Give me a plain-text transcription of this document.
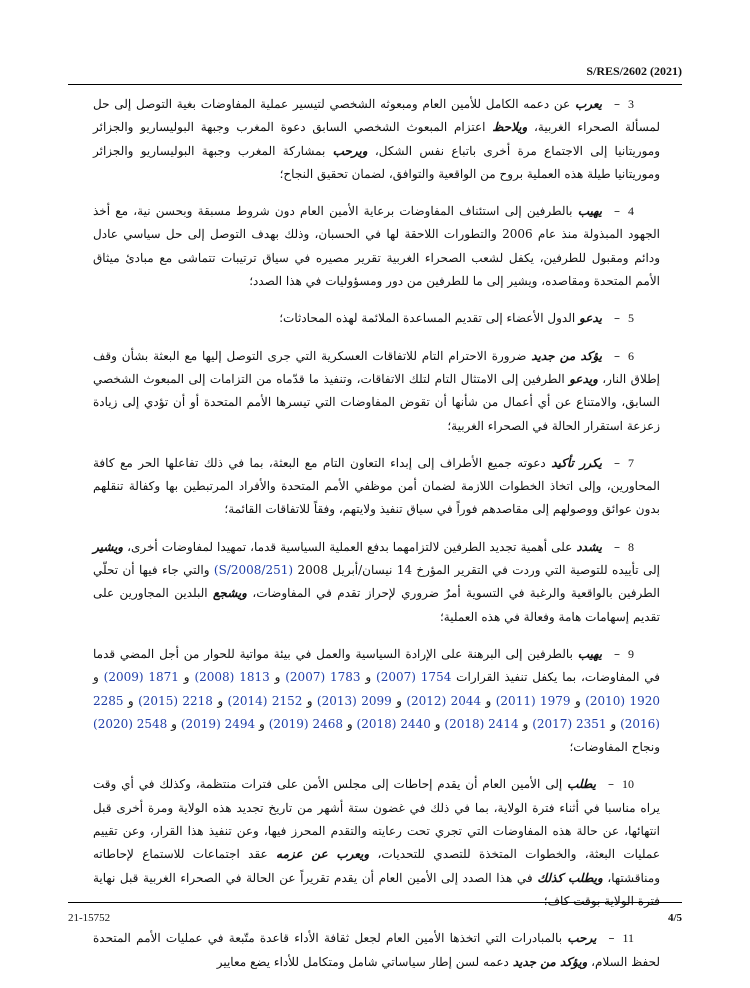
S/RES/2602 (2021)

3–يعرب عن دعمه الكامل للأمين العام ومبعوثه الشخصي لتيسير عملية المفاوضات بغية التوصل إلى حل لمسألة الصحراء الغربية، ويلاحظ اعتزام المبعوث الشخصي السابق دعوة المغرب وجبهة البوليساريو والجزائر وموريتانيا إلى الاجتماع مرة أخرى باتباع نفس الشكل، ويرحب بمشاركة المغرب وجبهة البوليساريو والجزائر وموريتانيا طيلة هذه العملية بروح من الواقعية والتوافق، لضمان تحقيق النجاح؛

4–يهيب بالطرفين إلى استئناف المفاوضات برعاية الأمين العام دون شروط مسبقة وبحسن نية، مع أخذ الجهود المبذولة منذ عام 2006 والتطورات اللاحقة لها في الحسبان، وذلك بهدف التوصل إلى حل سياسي عادل ودائم ومقبول للطرفين، يكفل لشعب الصحراء الغربية تقرير مصيره في سياق ترتيبات تتماشى مع مبادئ ميثاق الأمم المتحدة ومقاصده، ويشير إلى ما للطرفين من دور ومسؤوليات في هذا الصدد؛

5–يدعو الدول الأعضاء إلى تقديم المساعدة الملائمة لهذه المحادثات؛

6–يؤكد من جديد ضرورة الاحترام التام للاتفاقات العسكرية التي جرى التوصل إليها مع البعثة بشأن وقف إطلاق النار، ويدعو الطرفين إلى الامتثال التام لتلك الاتفاقات، وتنفيذ ما قدّماه من التزامات إلى المبعوث الشخصي السابق، والامتناع عن أي أعمال من شأنها أن تقوض المفاوضات التي تيسرها الأمم المتحدة أو أن تؤدي إلى زيادة زعزعة استقرار الحالة في الصحراء الغربية؛

7–يكرر تأكيد دعوته جميع الأطراف إلى إبداء التعاون التام مع البعثة، بما في ذلك تفاعلها الحر مع كافة المحاورين، وإلى اتخاذ الخطوات اللازمة لضمان أمن موظفي الأمم المتحدة والأفراد المرتبطين بها وكفالة تنقلهم بدون عوائق ووصولهم إلى مقاصدهم فوراً في سياق تنفيذ ولايتهم، وفقاً للاتفاقات القائمة؛

8–يشدد على أهمية تجديد الطرفين لالتزامهما بدفع العملية السياسية قدما، تمهيدا لمفاوضات أخرى، ويشير إلى تأييده للتوصية التي وردت في التقرير المؤرخ 14 نيسان/أبريل 2008 (S/2008/251) والتي جاء فيها أن تحلّي الطرفين بالواقعية والرغبة في التسوية أمرٌ ضروري لإحراز تقدم في المفاوضات، ويشجع البلدين المجاورين على تقديم إسهامات هامة وفعالة في هذه العملية؛

9–يهيب بالطرفين إلى البرهنة على الإرادة السياسية والعمل في بيئة مواتية للحوار من أجل المضي قدما في المفاوضات، بما يكفل تنفيذ القرارات 1754 (2007) و 1783 (2007) و 1813 (2008) و 1871 (2009) و 1920 (2010) و 1979 (2011) و 2044 (2012) و 2099 (2013) و 2152 (2014) و 2218 (2015) و 2285 (2016) و 2351 (2017) و 2414 (2018) و 2440 (2018) و 2468 (2019) و 2494 (2019) و 2548 (2020) ونجاح المفاوضات؛

10–يطلب إلى الأمين العام أن يقدم إحاطات إلى مجلس الأمن على فترات منتظمة، وكذلك في أي وقت يراه مناسبا في أثناء فترة الولاية، بما في ذلك في غضون ستة أشهر من تاريخ تجديد هذه الولاية ومرة أخرى قبل انتهائها، عن حالة هذه المفاوضات التي تجري تحت رعايته والتقدم المحرز فيها، وعن تنفيذ هذا القرار، وعن تقييم عمليات البعثة، والخطوات المتخذة للتصدي للتحديات، ويعرب عن عزمه عقد اجتماعات للاستماع لإحاطاته ومناقشتها، ويطلب كذلك في هذا الصدد إلى الأمين العام أن يقدم تقريراً عن الحالة في الصحراء الغربية قبل نهاية فترة الولاية بوقت كاف؛

11–يرحب بالمبادرات التي اتخذها الأمين العام لجعل ثقافة الأداء قاعدة متّبعة في عمليات الأمم المتحدة لحفظ السلام، ويؤكد من جديد دعمه لسن إطار سياساتي شامل ومتكامل للأداء يضع معايير

21-15752	4/5
